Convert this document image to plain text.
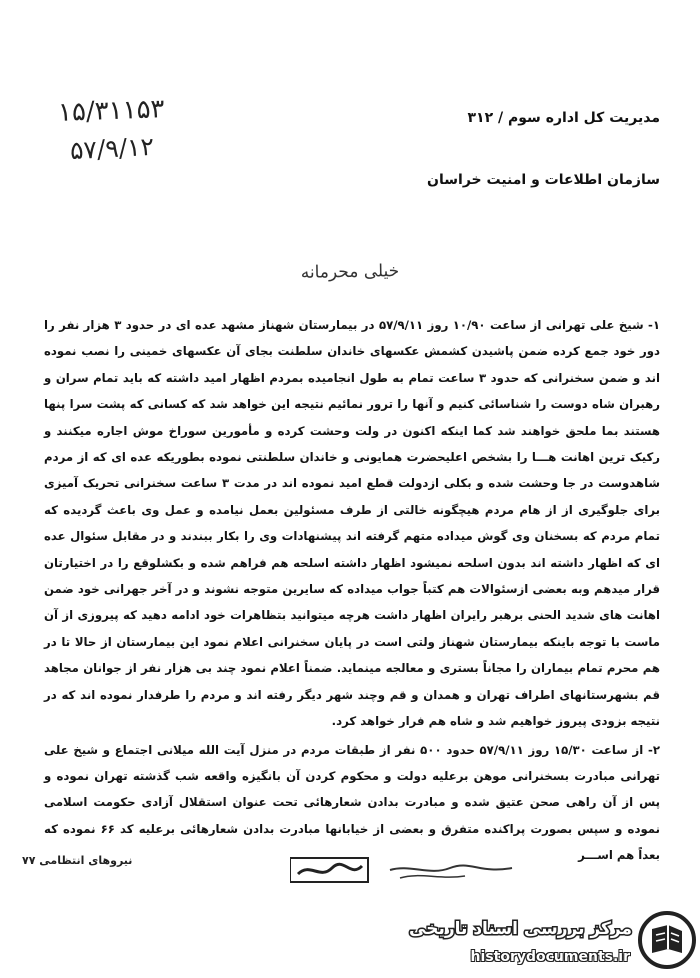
۱۵/۳۱۱۵۳
۵۷/۹/۱۲
مدیریت کل اداره سوم / ۳۱۲
سازمان اطلاعات و امنیت خراسان
خیلی محرمانه

۱- شیخ علی تهرانی از ساعت ۱۰/۹۰ روز ۵۷/۹/۱۱ در بیمارستان شهناز مشهد عده ای در حدود ۳ هزار نفر را دور خود جمع کرده ضمن پاشیدن کشمش عکسهای خاندان سلطنت بجای آن عکسهای خمینی را نصب نموده اند و ضمن سخنرانی که حدود ۳ ساعت تمام به طول انجامیده بمردم اظهار امید داشته که باید تمام سران و رهبران شاه دوست را شناسائی کنیم و آنها را ترور نمائیم نتیجه این خواهد شد که کسانی که پشت سرا پنها هستند بما ملحق خواهند شد کما اینکه اکنون در ولت وحشت کرده و مأمورین سوراخ موش اجاره میکنند و رکیک ترین اهانت هـــا را بشخص اعلیحضرت همایونی و خاندان سلطنتی نموده بطوریکه عده ای که از مردم شاهدوست در جا وحشت شده و بکلی ازدولت قطع امید نموده اند در مدت ۳ ساعت سخنرانی تحریک آمیزی برای جلوگیری از از هام مردم هیچگونه خالتی از طرف مسئولین بعمل نیامده و عمل وی باعث گردیده که تمام مردم که بسخنان وی گوش میداده متهم گرفته اند پیشنهادات وی را بکار ببندند و در مقابل سئوال عده ای که اظهار داشته اند بدون اسلحه نمیشود اظهار داشته اسلحه هم فراهم شده و بکشلوقع را در اختیارتان قرار میدهم وبه بعضی ازسئوالات هم کتباً جواب میداده که سایرین متوجه نشوند و در آخر جهرانی خود ضمن اهانت های شدید الحنی برهبر رایران اظهار داشت هرچه میتوانید بتظاهرات خود ادامه دهید که پیروزی از آن ماست با توجه باینکه بیمارستان شهناز ولتی است در پایان سخنرانی اعلام نمود این بیمارستان از حالا تا در هم محرم تمام بیماران را مجاناً بستری و معالجه مینماید. ضمناً اعلام نمود چند بی هزار نفر از جوانان مجاهد قم بشهرستانهای اطراف تهران و همدان و قم وچند شهر دیگر رفته اند و مردم را طرفدار نموده اند که در نتیجه بزودی پیروز خواهیم شد و شاه هم فرار خواهد کرد.

۲- از ساعت ۱۵/۳۰ روز ۵۷/۹/۱۱ حدود ۵۰۰ نفر از طبقات مردم در منزل آیت الله میلانی اجتماع و شیخ علی تهرانی مبادرت بسخنرانی موهن برعلیه دولت و محکوم کردن آن بانگیزه واقعه شب گذشته تهران نموده و پس از آن راهی صحن عتیق شده و مبادرت بدادن شعارهائی تحت عنوان استقلال آزادی حکومت اسلامی نموده و سپس بصورت پراکنده متفرق و بعضی از خیابانها مبادرت بدادن شعارهائی برعلیه کد ۶۶ نموده که بعداً هم اســـر

نیروهای انتظامی ۷۷
مرکز بررسی اسناد تاریخی
historydocuments.ir
